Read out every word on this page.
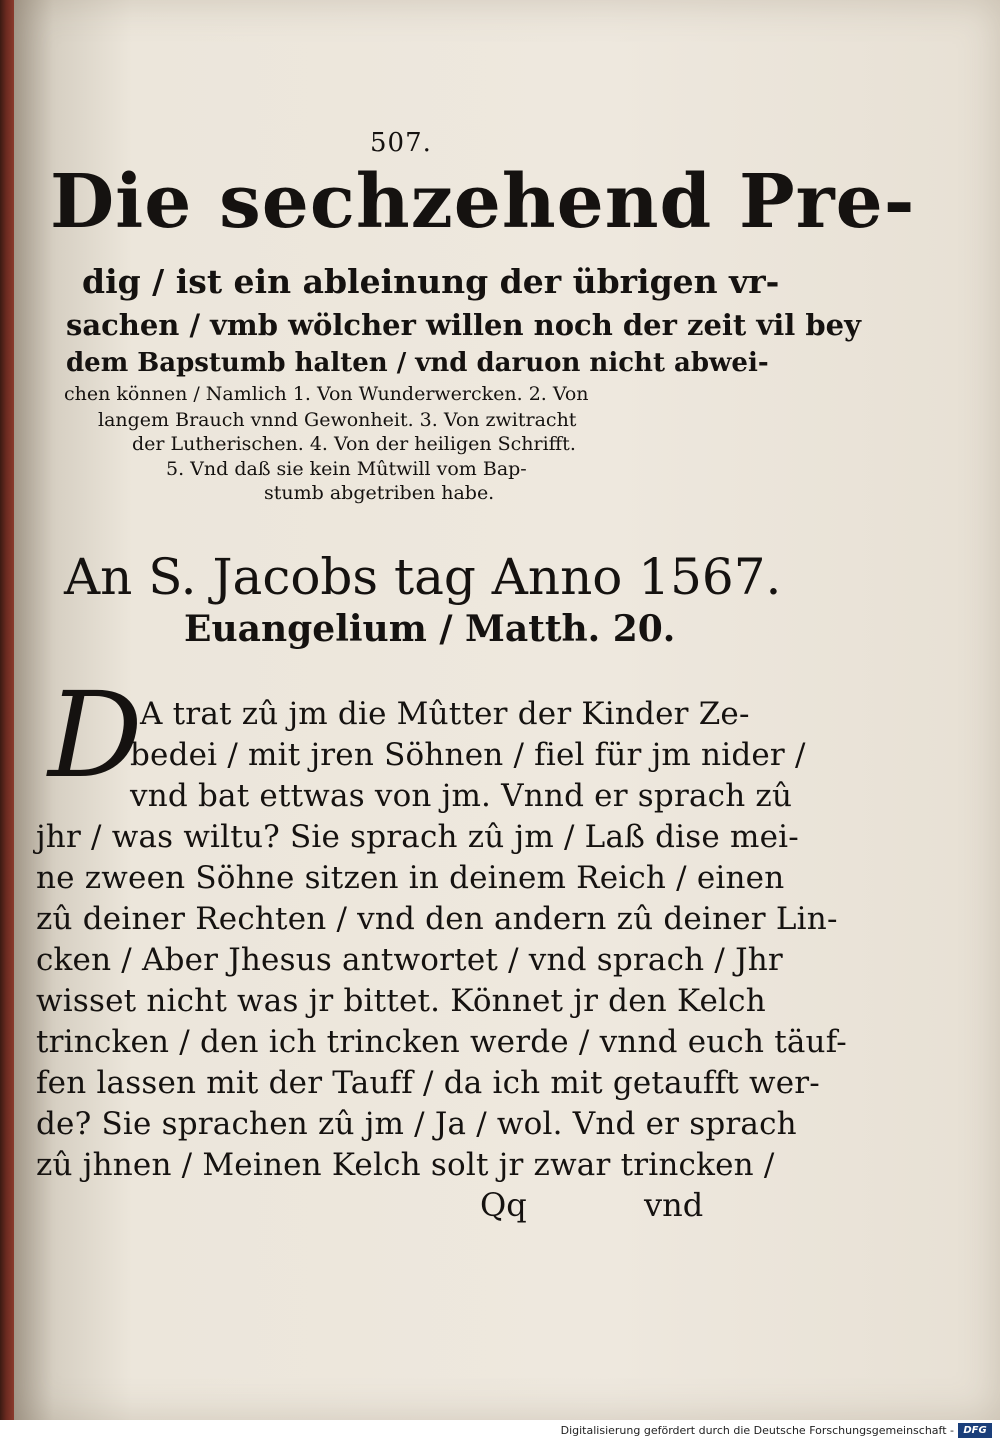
507.
Die sechzehend Pre-
dig / ist ein ableinung der übrigen vr-
sachen / vmb wölcher willen noch der zeit vil bey
dem Bapstumb halten / vnd daruon nicht abwei-
chen können / Namlich 1. Von Wunderwercken. 2. Von
langem Brauch vnnd Gewonheit. 3. Von zwitracht
der Lutherischen. 4. Von der heiligen Schrifft.
5. Vnd daß sie kein Mûtwill vom Bap-
stumb abgetriben habe.
An S. Jacobs tag Anno 1567.
Euangelium / Matth. 20.
D
A trat zû jm die Mûtter der Kinder Ze-
bedei / mit jren Söhnen / fiel für jm nider /
vnd bat ettwas von jm. Vnnd er sprach zû
jhr / was wiltu? Sie sprach zû jm / Laß dise mei-
ne zween Söhne sitzen in deinem Reich / einen
zû deiner Rechten / vnd den andern zû deiner Lin-
cken / Aber Jhesus antwortet / vnd sprach / Jhr
wisset nicht was jr bittet. Könnet jr den Kelch
trincken / den ich trincken werde / vnnd euch täuf-
fen lassen mit der Tauff / da ich mit getaufft wer-
de? Sie sprachen zû jm / Ja / wol. Vnd er sprach
zû jhnen / Meinen Kelch solt jr zwar trincken /
Qq	vnd
Digitalisierung gefördert durch die Deutsche Forschungsgemeinschaft - DFG
